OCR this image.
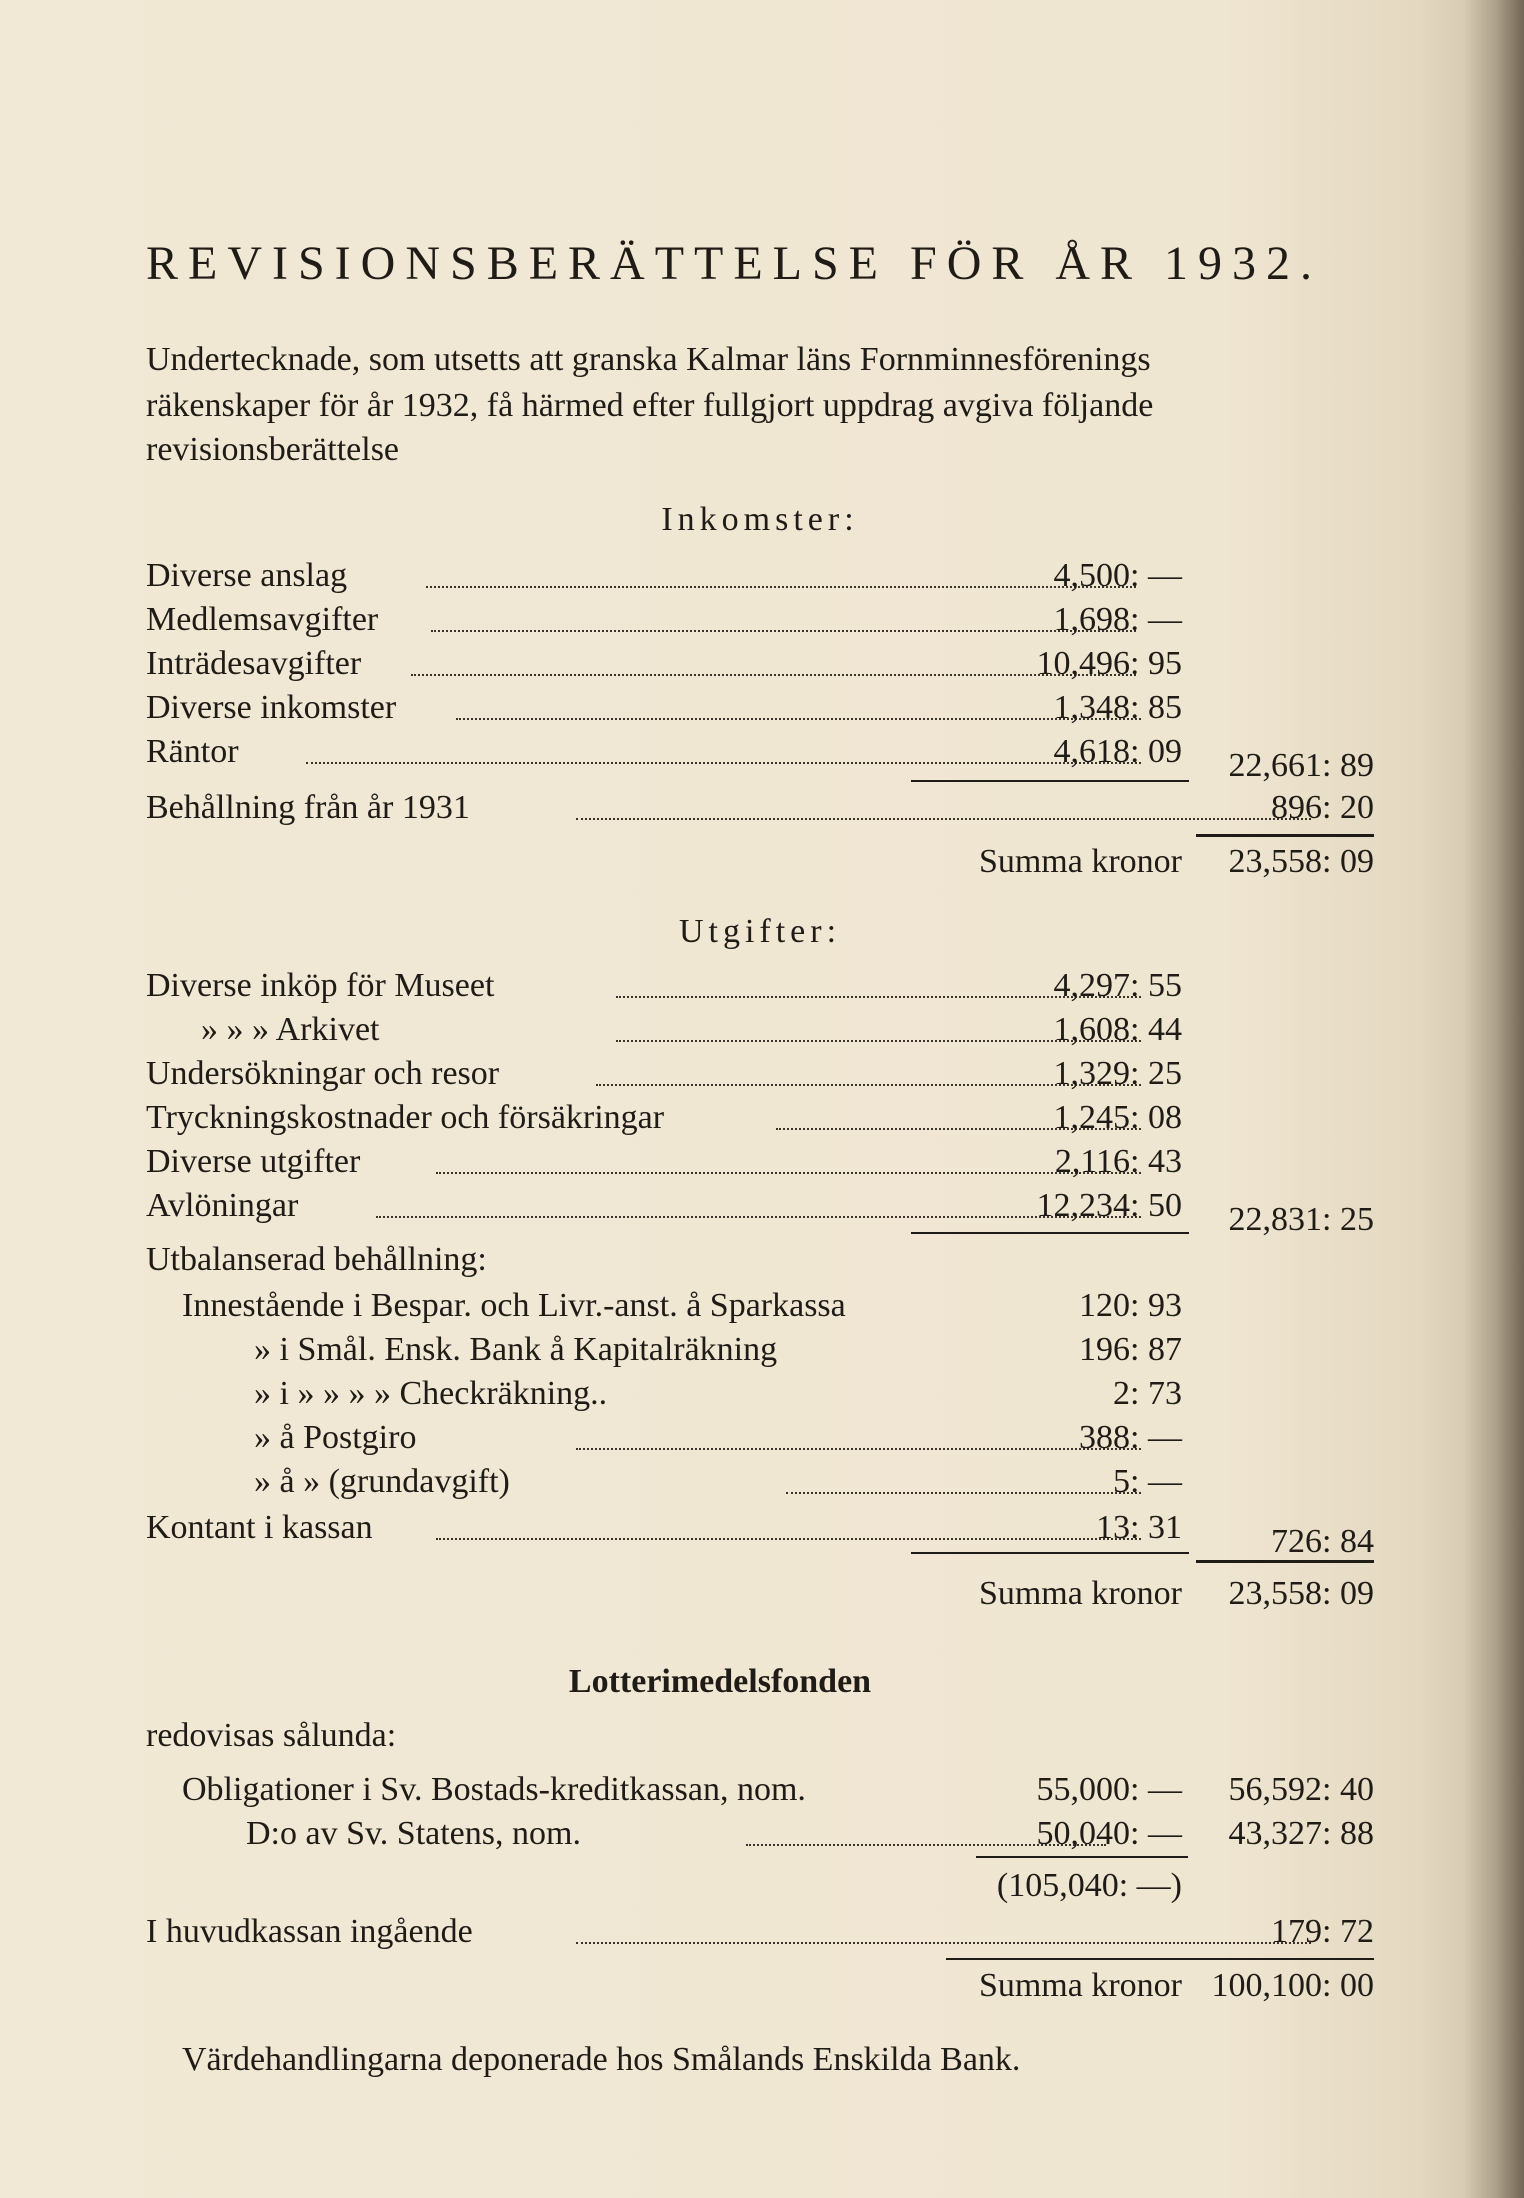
REVISIONSBERÄTTELSE FÖR ÅR 1932.
Undertecknade, som utsetts att granska Kalmar läns Fornminnesförenings
räkenskaper för år 1932, få härmed efter fullgjort uppdrag avgiva följande
revisionsberättelse
Inkomster:
Diverse anslag	4,500: —
Medlemsavgifter	1,698: —
Inträdesavgifter	10,496: 95
Diverse inkomster	1,348: 85
Räntor	4,618: 09 22,661: 89
Behållning från år 1931	896: 20
Summa kronor 23,558: 09
Utgifter:
Diverse inköp för Museet	4,297: 55
» » » Arkivet	1,608: 44
Undersökningar och resor	1,329: 25
Tryckningskostnader och försäkringar	1,245: 08
Diverse utgifter	2,116: 43
Avlöningar	12,234: 50 22,831: 25
Utbalanserad behållning:
Innestående i Bespar. och Livr.-anst. å Sparkassa	120: 93
» i Smål. Ensk. Bank å Kapitalräkning	196: 87
» i » » » » Checkräkning..	2: 73
» å Postgiro	388: —
» å » (grundavgift)	5: —
Kontant i kassan	13: 31	726: 84
Summa kronor 23,558: 09
Lotterimedelsfonden
redovisas sålunda:
Obligationer i Sv. Bostads-kreditkassan, nom.	55,000: — 56,592: 40
D:o av Sv. Statens, nom.	50,040: — 43,327: 88
(105,040: —)
I huvudkassan ingående	179: 72
Summa kronor 100,100: 00
Värdehandlingarna deponerade hos Smålands Enskilda Bank.
